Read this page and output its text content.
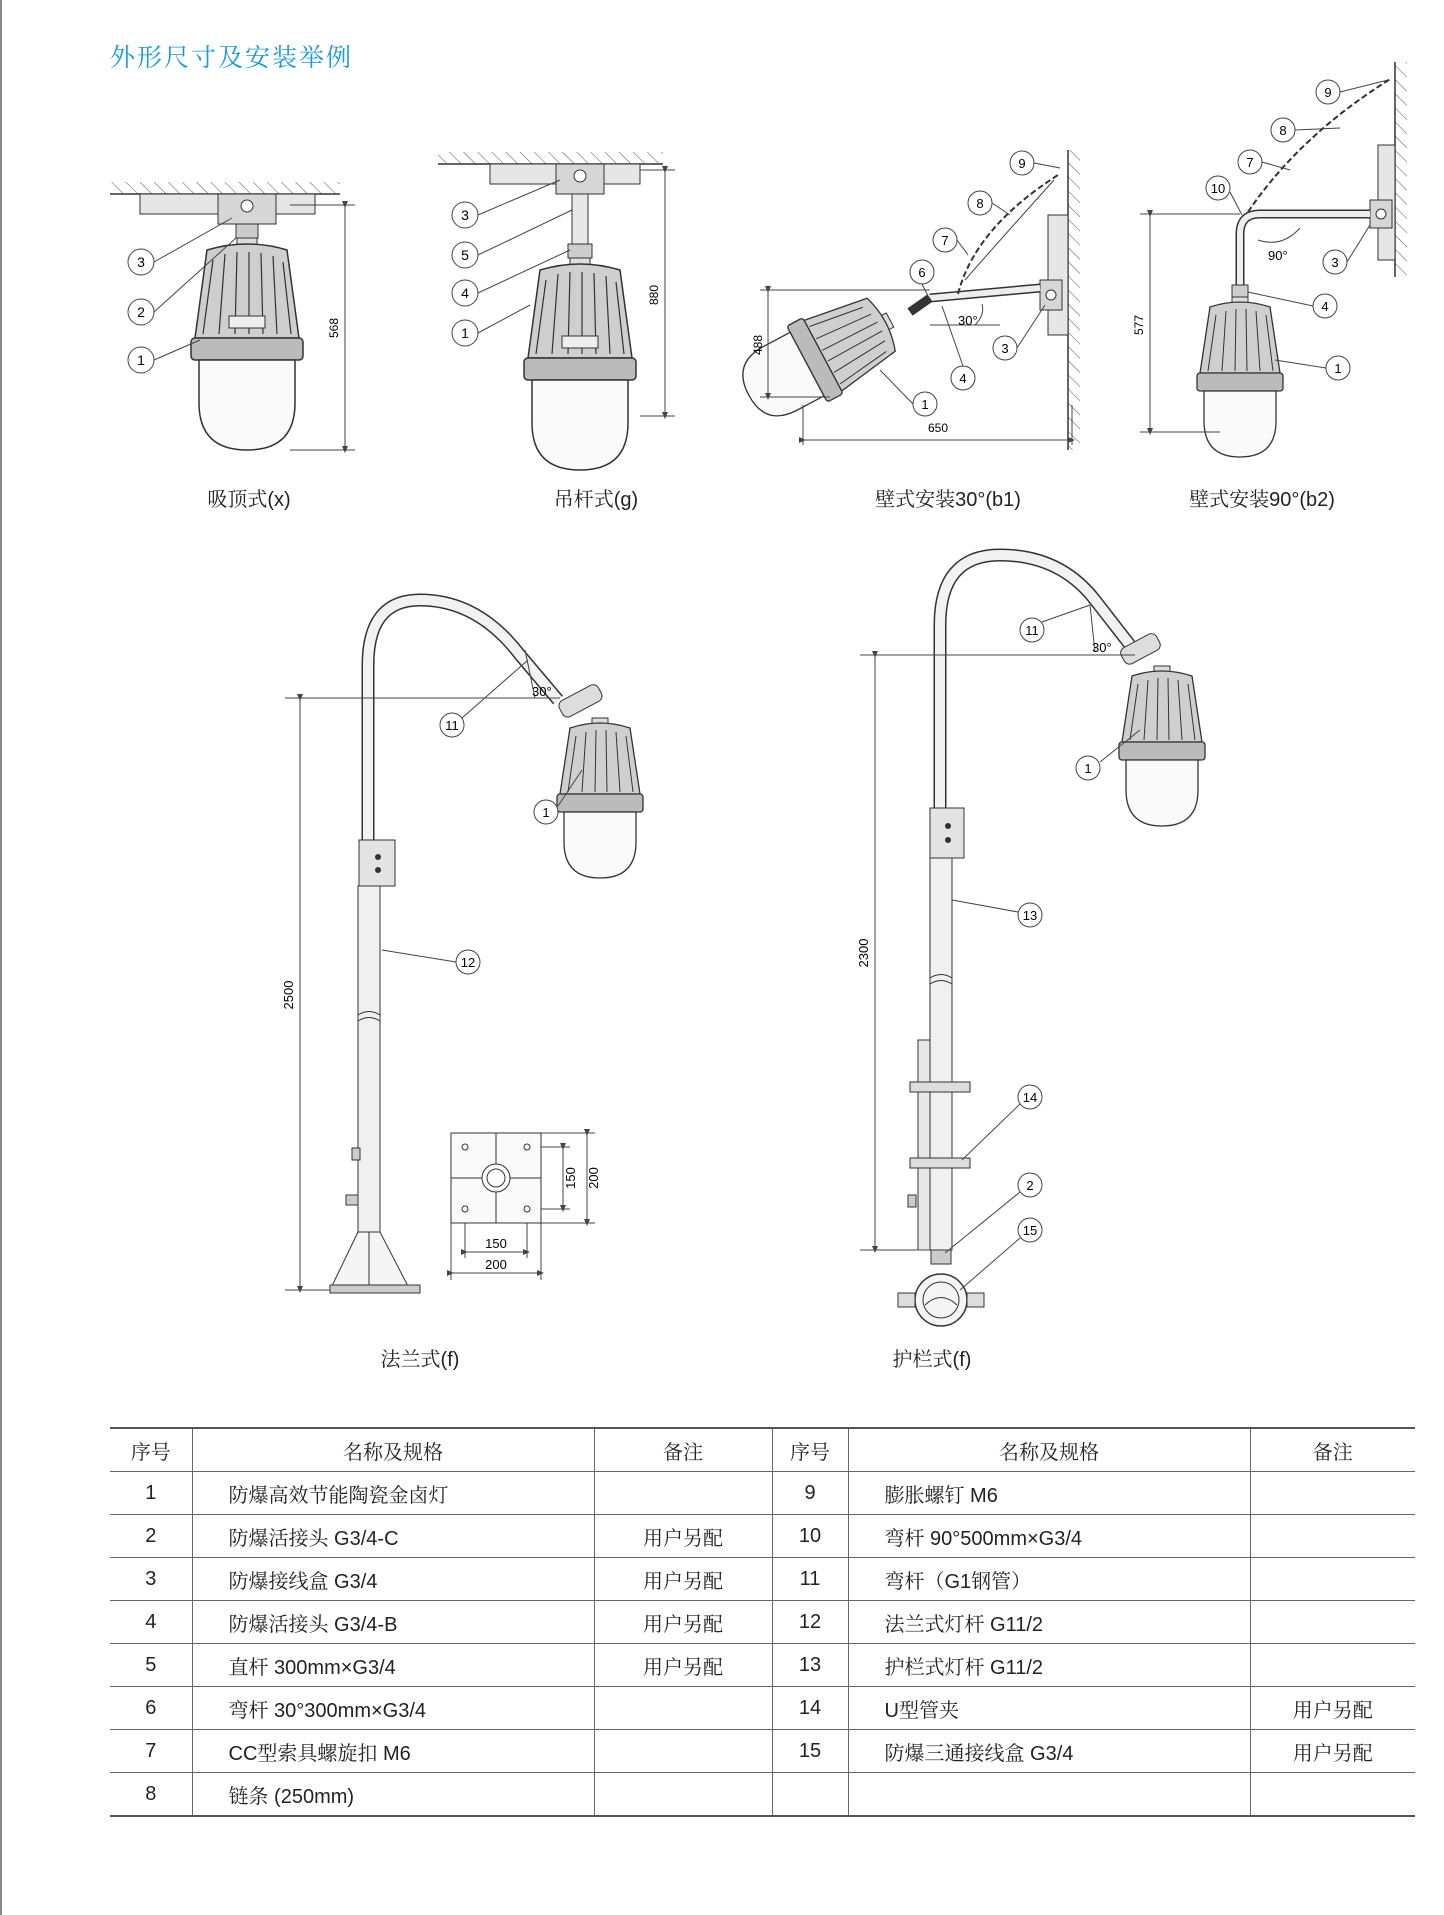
外形尺寸及安装举例
568
3
2
1
880
3
5
4
1
30°
488
650
9
8
7
6
4
3
1
90°
577
9
8
7
10
3
4
1
2500
30°
11
1
12
150 200
150
200
2300
30°
11
1
13
14
2
15
吸顶式(x)	吊杆式(g)	壁式安装30°(b1)	壁式安装90°(b2)
法兰式(f)	护栏式(f)
序号	名称及规格	备注	序号	名称及规格	备注
1	防爆高效节能陶瓷金卤灯		9	膨胀螺钉 M6	
2	防爆活接头 G3/4-C	用户另配	10	弯杆 90°500mm×G3/4	
3	防爆接线盒 G3/4	用户另配	11	弯杆（G1钢管）	
4	防爆活接头 G3/4-B	用户另配	12	法兰式灯杆 G11/2	
5	直杆 300mm×G3/4	用户另配	13	护栏式灯杆 G11/2	
6	弯杆 30°300mm×G3/4		14	U型管夹	用户另配
7	CC型索具螺旋扣 M6		15	防爆三通接线盒 G3/4	用户另配
8	链条 (250mm)				
